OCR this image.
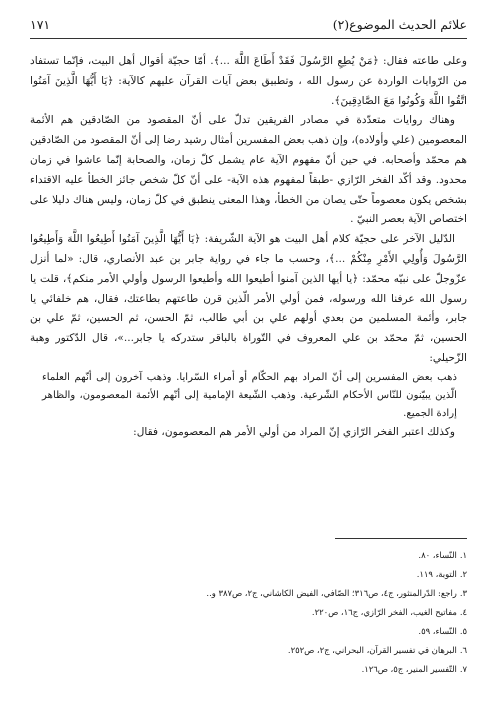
علائم الحديث الموضوع(٢)
١٧١

وعلى طاعته فقال: ﴿مَنْ يُطِعِ الرَّسُولَ فَقَدْ أَطَاعَ اللَّهَ ...﴾. أمّا حجيّة أقوال أهل البيت، فإنّما تستفاد من الرّوايات الواردة عن رسول الله ، وتطبيق بعض آيات القرآن عليهم كالآية: ﴿يَا أَيُّهَا الَّذِينَ آمَنُوا اتَّقُوا اللَّهَ وَكُونُوا مَعَ الصَّادِقِينَ﴾.

وهناك روايات متعدّدة في مصادر الفريقين تدلّ على أنّ المقصود من الصّادقين هم الأئمة المعصومين (علي وأولاده)، وإن ذهب بعض المفسرين أمثال رشيد رضا إلى أنّ المقصود من الصّادقين هم محمّد وأصحابه. في حين أنّ مفهوم الآية عام يشمل كلّ زمان، والصحابة إنّما عاشوا في زمان محدود. وقد أكّد الفخر الرّازي -طبقاً لمفهوم هذه الآية- على أنّ كلّ شخص جائز الخطأ عليه الاقتداء بشخص يكون معصوماً حتّى يصان من الخطأ، وهذا المعنى ينطبق في كلّ زمان، وليس هناك دليلا على اختصاص الآية بعصر النبيّ .

الدّليل الآخر على حجيّة كلام أهل البيت هو الآية الشّريفة: ﴿يَا أَيُّهَا الَّذِينَ آمَنُوا أَطِيعُوا اللَّهَ وَأَطِيعُوا الرَّسُولَ وَأُولِي الأَمْرِ مِنْكُمْ ...﴾، وحسب ما جاء في رواية جابر بن عبد الأنصاري، قال: «لما أنزل عزّوجلّ على نبيّه محمّد: ﴿يا أيها الذين آمنوا أطيعوا الله وأطيعوا الرسول وأولي الأمر منكم﴾، قلت يا رسول الله عرفنا الله ورسوله، فمن أولي الأمر الّذين قرن طاعتهم بطاعتك، فقال، هم خلفائي يا جابر، وأئمة المسلمين من بعدي أولهم علي بن أبي طالب، ثمّ الحسن، ثم الحسين، ثمّ علي بن الحسين، ثمّ محمّد بن علي المعروف في التّوراة بالباقر ستدركه يا جابر...»، قال الدّكتور وهبة الزّحيلي:

ذهب بعض المفسرين إلى أنّ المراد بهم الحكّام أو أمراء السّرايا. وذهب آخرون إلى أنّهم العلماء الّذين يبيّنون للنّاس الأحكام الشّرعية. وذهب الشّيعة الإمامية إلى أنّهم الأئمة المعصومون، والظاهر إرادة الجميع.

وكذلك اعتبر الفخر الرّازي إنّ المراد من أولي الأمر هم المعصومون، فقال:

١.النّساء، ٨٠.
٢.التوبة، ١١٩.
٣.راجع: الدّرالمنثور، ج٤، ص٣١٦؛ الصّافي، الفيض الكاشاني، ج٢، ص٣٨٧ و..
٤.مفاتيح الغيب، الفخر الرّازي، ج١٦، ص٢٢٠.
٥.النّساء، ٥٩.
٦.البرهان في تفسير القرآن، البحراني، ج٢، ص٢٥٢.
٧.التّفسير المنير، ج٥، ص١٢٦.
